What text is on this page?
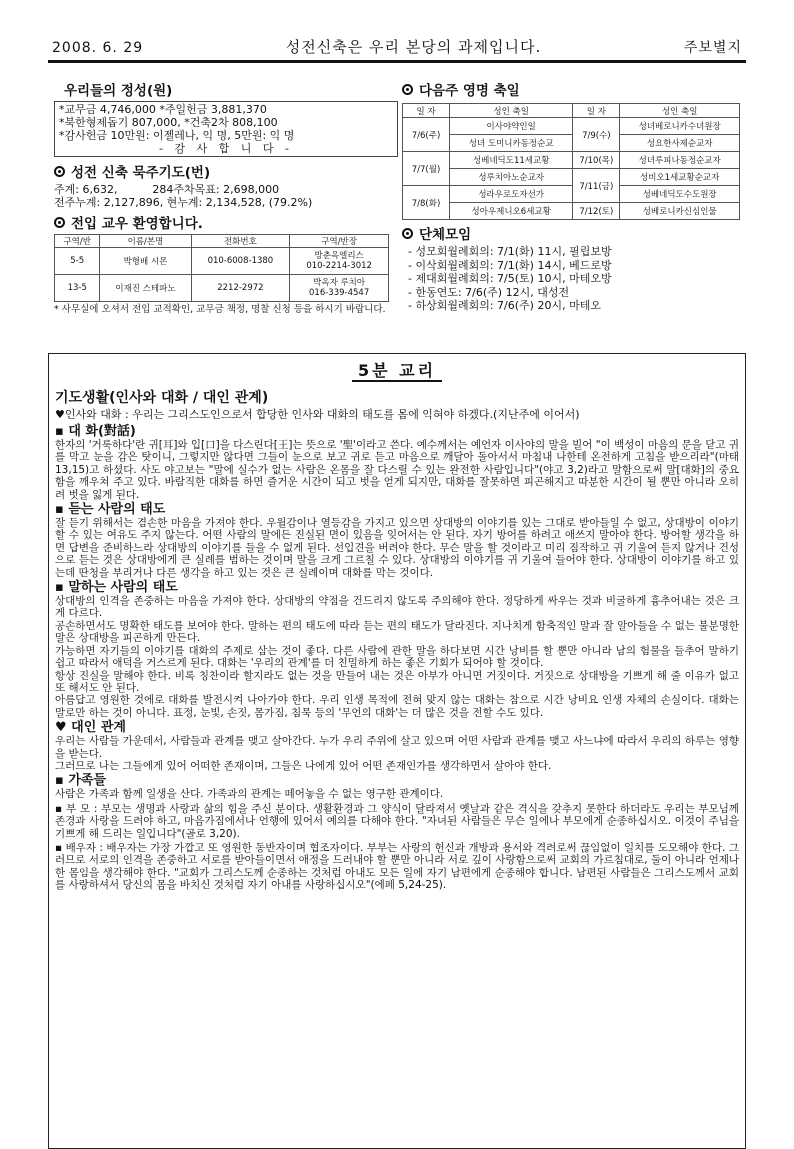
2008. 6. 29	성전신축은 우리 본당의 과제입니다.	주보별지
우리들의 정성(원)
*교무금 4,746,000 *주일헌금 3,881,370
*북한형제돕기 807,000, *건축2차 808,100
*감사헌금 10만원: 이젤레나, 익 명, 5만원: 익 명
- 감 사 합 니 다 -
성전 신축 묵주기도(번)
주계: 6,632,          284주차목표: 2,698,000
전주누계: 2,127,896, 현누계: 2,134,528, (79.2%)
전입 교우 환영합니다.
구역/반	이름/본명	전화번호	구역/반장
5-5	박형배 시몬	010-6008-1380	방춘옥엘리스
010-2214-3012

13-5	이재진 스테파노	2212-2972	박옥자 루치아
016-339-4547
* 사무실에 오셔서 전입 교적확인, 교무금 책정, 명찰 신청 등을 하시기 바랍니다.
다음주 영명 축일
일 자	성인 축일	일 자	성인 축일
7/6(주)	이사야약인일	7/9(수)	성녀베로니카수녀원장
	성녀 도미니카동정순교		성요한사제순교자
7/7(월)	성베네딕도11세교황	7/10(목)	성녀루피나동정순교자
	성루치아노순교자	7/11(금)	성비오1세교황순교자
7/8(화)	성라우로도자선가		성베네딕도수도원장
	성아우제니오6세교황	7/12(토)	성베로니카신심인물
단체모임
- 성모회월례회의: 7/1(화) 11시, 필립보방
- 이삭회월례회의: 7/1(화) 14시, 베드로방
- 제대회월례회의: 7/5(토) 10시, 마테오방
- 한동연도: 7/6(주) 12시, 대성전
- 하상회월례회의: 7/6(주) 20시, 마테오
5분 교리
기도생활(인사와 대화 / 대인 관계)
♥인사와 대화 : 우리는 그리스도인으로서 합당한 인사와 대화의 태도를 몸에 익혀야 하겠다.(지난주에 이어서)
▪ 대 화(對話)

한자의 '거룩하다'란 귀[耳]와 입[口]을 다스린다[王]는 뜻으로 '聖'이라고 쓴다. 예수께서는 예언자 이사야의 말을 빌어 "이 백성이 마음의 문을 닫고 귀를 막고 눈을 감은 탓이니, 그렇지만 않다면 그들이 눈으로 보고 귀로 듣고 마음으로 깨달아 돌아서서 마침내 나한테 온전하게 고침을 받으리라"(마태 13,15)고 하셨다. 사도 야고보는 "말에 실수가 없는 사람은 온몸을 잘 다스릴 수 있는 완전한 사람입니다"(야고 3,2)라고 말함으로써 말[대화]의 중요함을 깨우쳐 주고 있다. 바람직한 대화를 하면 즐거운 시간이 되고 벗을 얻게 되지만, 대화를 잘못하면 피곤해지고 따분한 시간이 될 뿐만 아니라 오히려 벗을 잃게 된다.

▪ 듣는 사람의 태도

잘 듣기 위해서는 겸손한 마음을 가져야 한다. 우월감이나 열등감을 가지고 있으면 상대방의 이야기를 있는 그대로 받아들일 수 없고, 상대방이 이야기할 수 있는 여유도 주지 않는다. 어떤 사람의 말에든 진실된 면이 있음을 잊어서는 안 된다. 자기 방어를 하려고 애쓰지 말아야 한다. 방어할 생각을 하면 답변을 준비하느라 상대방의 이야기를 들을 수 없게 된다. 선입견을 버려야 한다. 무슨 말을 할 것이라고 미리 짐작하고 귀 기울여 듣지 않거나 건성으로 듣는 것은 상대방에게 큰 실례를 범하는 것이며 말을 크게 그르칠 수 있다. 상대방의 이야기를 귀 기울여 들어야 한다. 상대방이 이야기를 하고 있는데 딴청을 부리거나 다른 생각을 하고 있는 것은 큰 실례이며 대화를 막는 것이다.

▪ 말하는 사람의 태도

상대방의 인격을 존중하는 마음을 가져야 한다. 상대방의 약점을 건드리지 않도록 주의해야 한다. 정당하게 싸우는 것과 비굴하게 흉추어내는 것은 크게 다르다.

공손하면서도 명확한 태도를 보여야 한다. 말하는 편의 태도에 따라 듣는 편의 태도가 달라진다. 지나치게 함축적인 말과 잘 알아들을 수 없는 불분명한 말은 상대방을 피곤하게 만든다.

가능하면 자기들의 이야기를 대화의 주제로 삼는 것이 좋다. 다른 사람에 관한 말을 하다보면 시간 낭비를 할 뿐만 아니라 남의 험물을 들추어 말하기 쉽고 따라서 애덕을 거스르게 된다. 대화는 '우리의 관계'를 더 친밀하게 하는 좋은 기회가 되어야 할 것이다.

항상 진실을 말해야 한다. 비록 칭찬이라 할지라도 없는 것을 만들어 내는 것은 아부가 아니면 거짓이다. 거짓으로 상대방을 기쁘게 해 줄 이유가 없고 또 해서도 안 된다.

아름답고 영원한 것에로 대화를 발전시켜 나아가야 한다. 우리 인생 목적에 전혀 맞지 않는 대화는 참으로 시간 낭비요 인생 자체의 손실이다. 대화는 말로만 하는 것이 아니다. 표정, 눈빛, 손짓, 몸가짐, 침묵 등의 '무언의 대화'는 더 많은 것을 전할 수도 있다.

♥ 대인 관계

우리는 사람들 가운데서, 사람들과 관계를 맺고 살아간다. 누가 우리 주위에 살고 있으며 어떤 사람과 관계를 맺고 사느냐에 따라서 우리의 하루는 영향을 받는다.

그러므로 나는 그들에게 있어 어떠한 존재이며, 그들은 나에게 있어 어떤 존재인가를 생각하면서 살아야 한다.

▪ 가족들

사람은 가족과 함께 일생을 산다. 가족과의 관계는 떼어놓을 수 없는 영구한 관계이다.

▪ 부 모 : 부모는 생명과 사랑과 삶의 힘을 주신 분이다. 생활환경과 그 양식이 달라져서 옛날과 같은 격식을 갖추지 못한다 하더라도 우리는 부모님께 존경과 사랑을 드려야 하고, 마음가짐에서나 언행에 있어서 예의를 다해야 한다. "자녀된 사람들은 무슨 일에나 부모에게 순종하십시오. 이것이 주님을 기쁘게 해 드리는 일입니다"(골로 3,20).

▪ 배우자 : 배우자는 가장 가깝고 또 영원한 동반자이며 협조자이다. 부부는 사랑의 헌신과 개방과 용서와 격려로써 끊임없이 일치를 도모해야 한다. 그러므로 서로의 인격을 존중하고 서로를 받아들이면서 애정을 드러내야 할 뿐만 아니라 서로 깊이 사랑함으로써 교회의 가르침대로, 둘이 아니라 언제나 한 몸임을 생각해야 한다. "교회가 그리스도께 순종하는 것처럼 아내도 모든 일에 자기 남편에게 순종해야 합니다. 남편된 사람들은 그리스도께서 교회를 사랑하셔서 당신의 몸을 바치신 것처럼 자기 아내를 사랑하십시오"(에페 5,24-25).
